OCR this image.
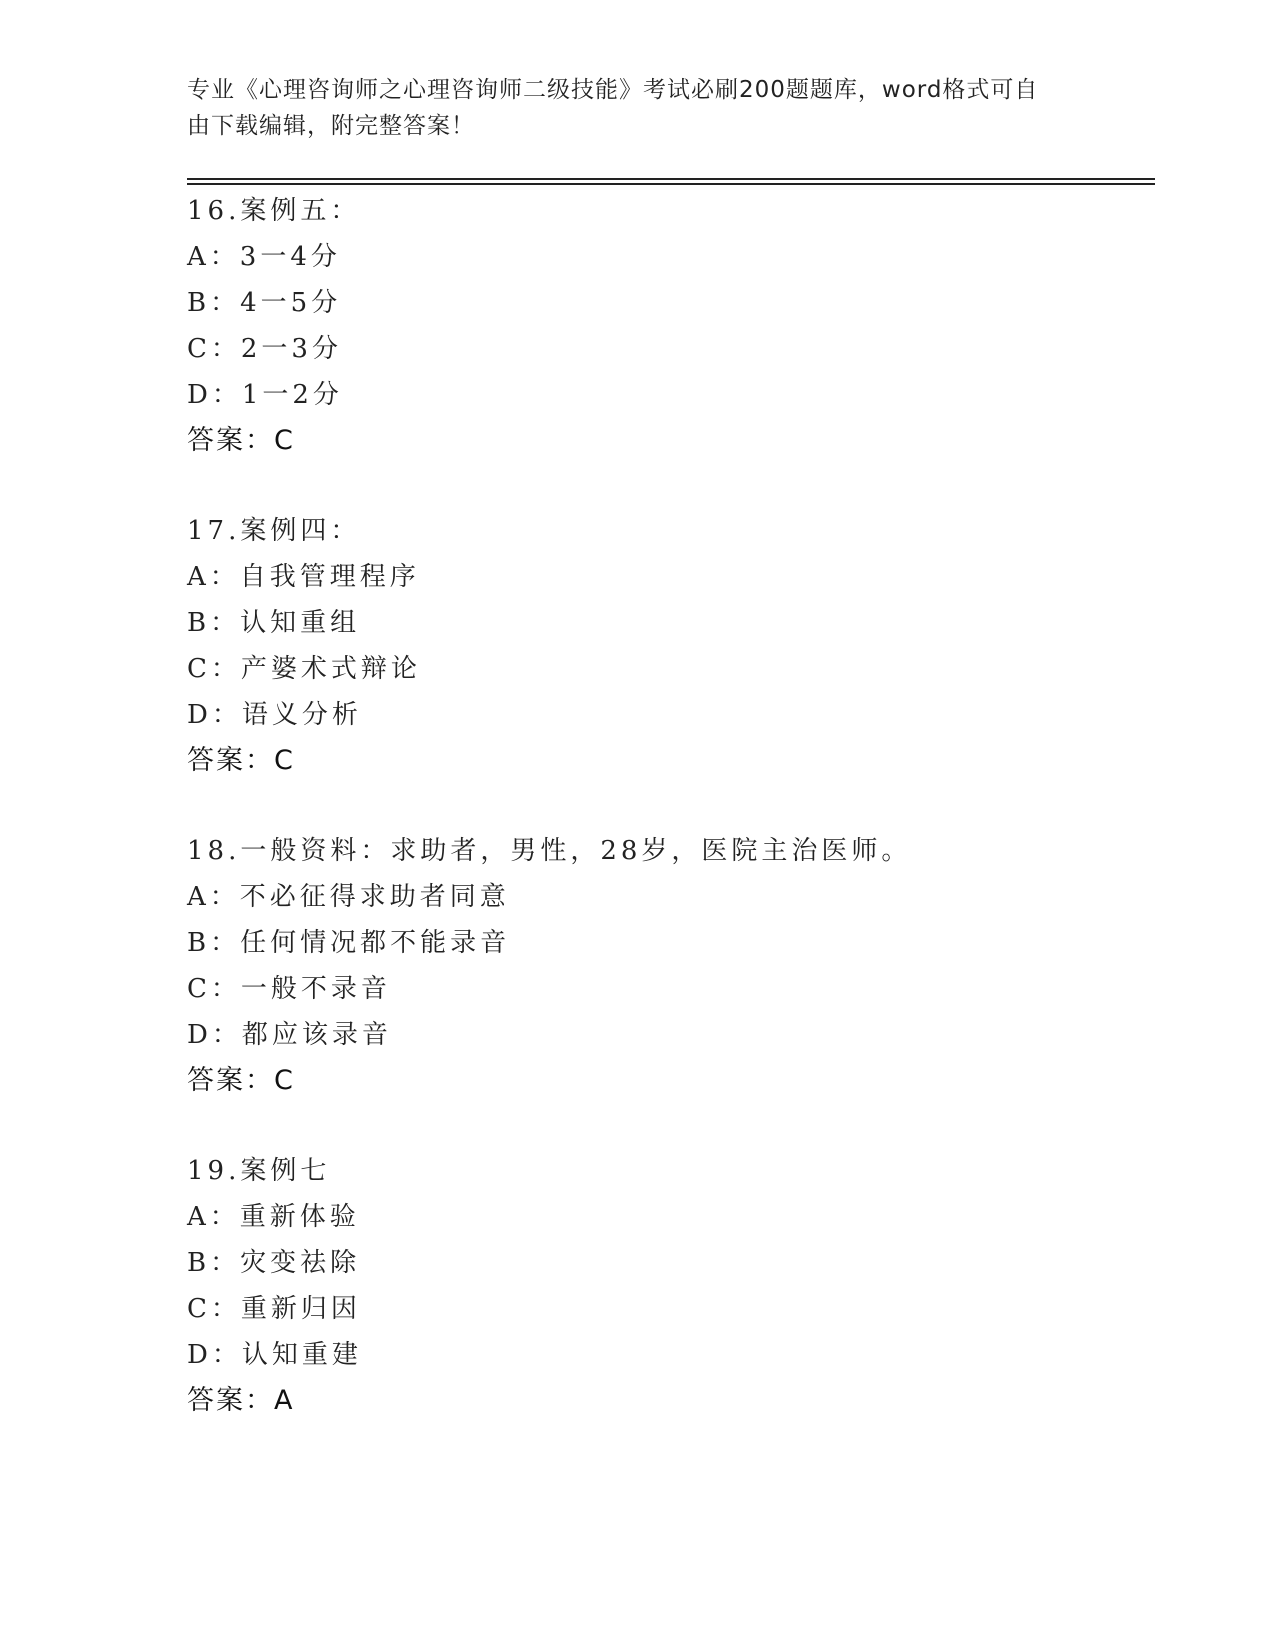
专业《心理咨询师之心理咨询师二级技能》考试必刷200题题库，word格式可自
由下载编辑，附完整答案！
16.案例五：
A：3一4分
B：4一5分
C：2一3分
D：1一2分
答案：C
17.案例四：
A：自我管理程序
B：认知重组
C：产婆术式辩论
D：语义分析
答案：C
18.一般资料：求助者，男性，28岁，医院主治医师。
A：不必征得求助者同意
B：任何情况都不能录音
C：一般不录音
D：都应该录音
答案：C
19.案例七
A：重新体验
B：灾变祛除
C：重新归因
D：认知重建
答案：A
